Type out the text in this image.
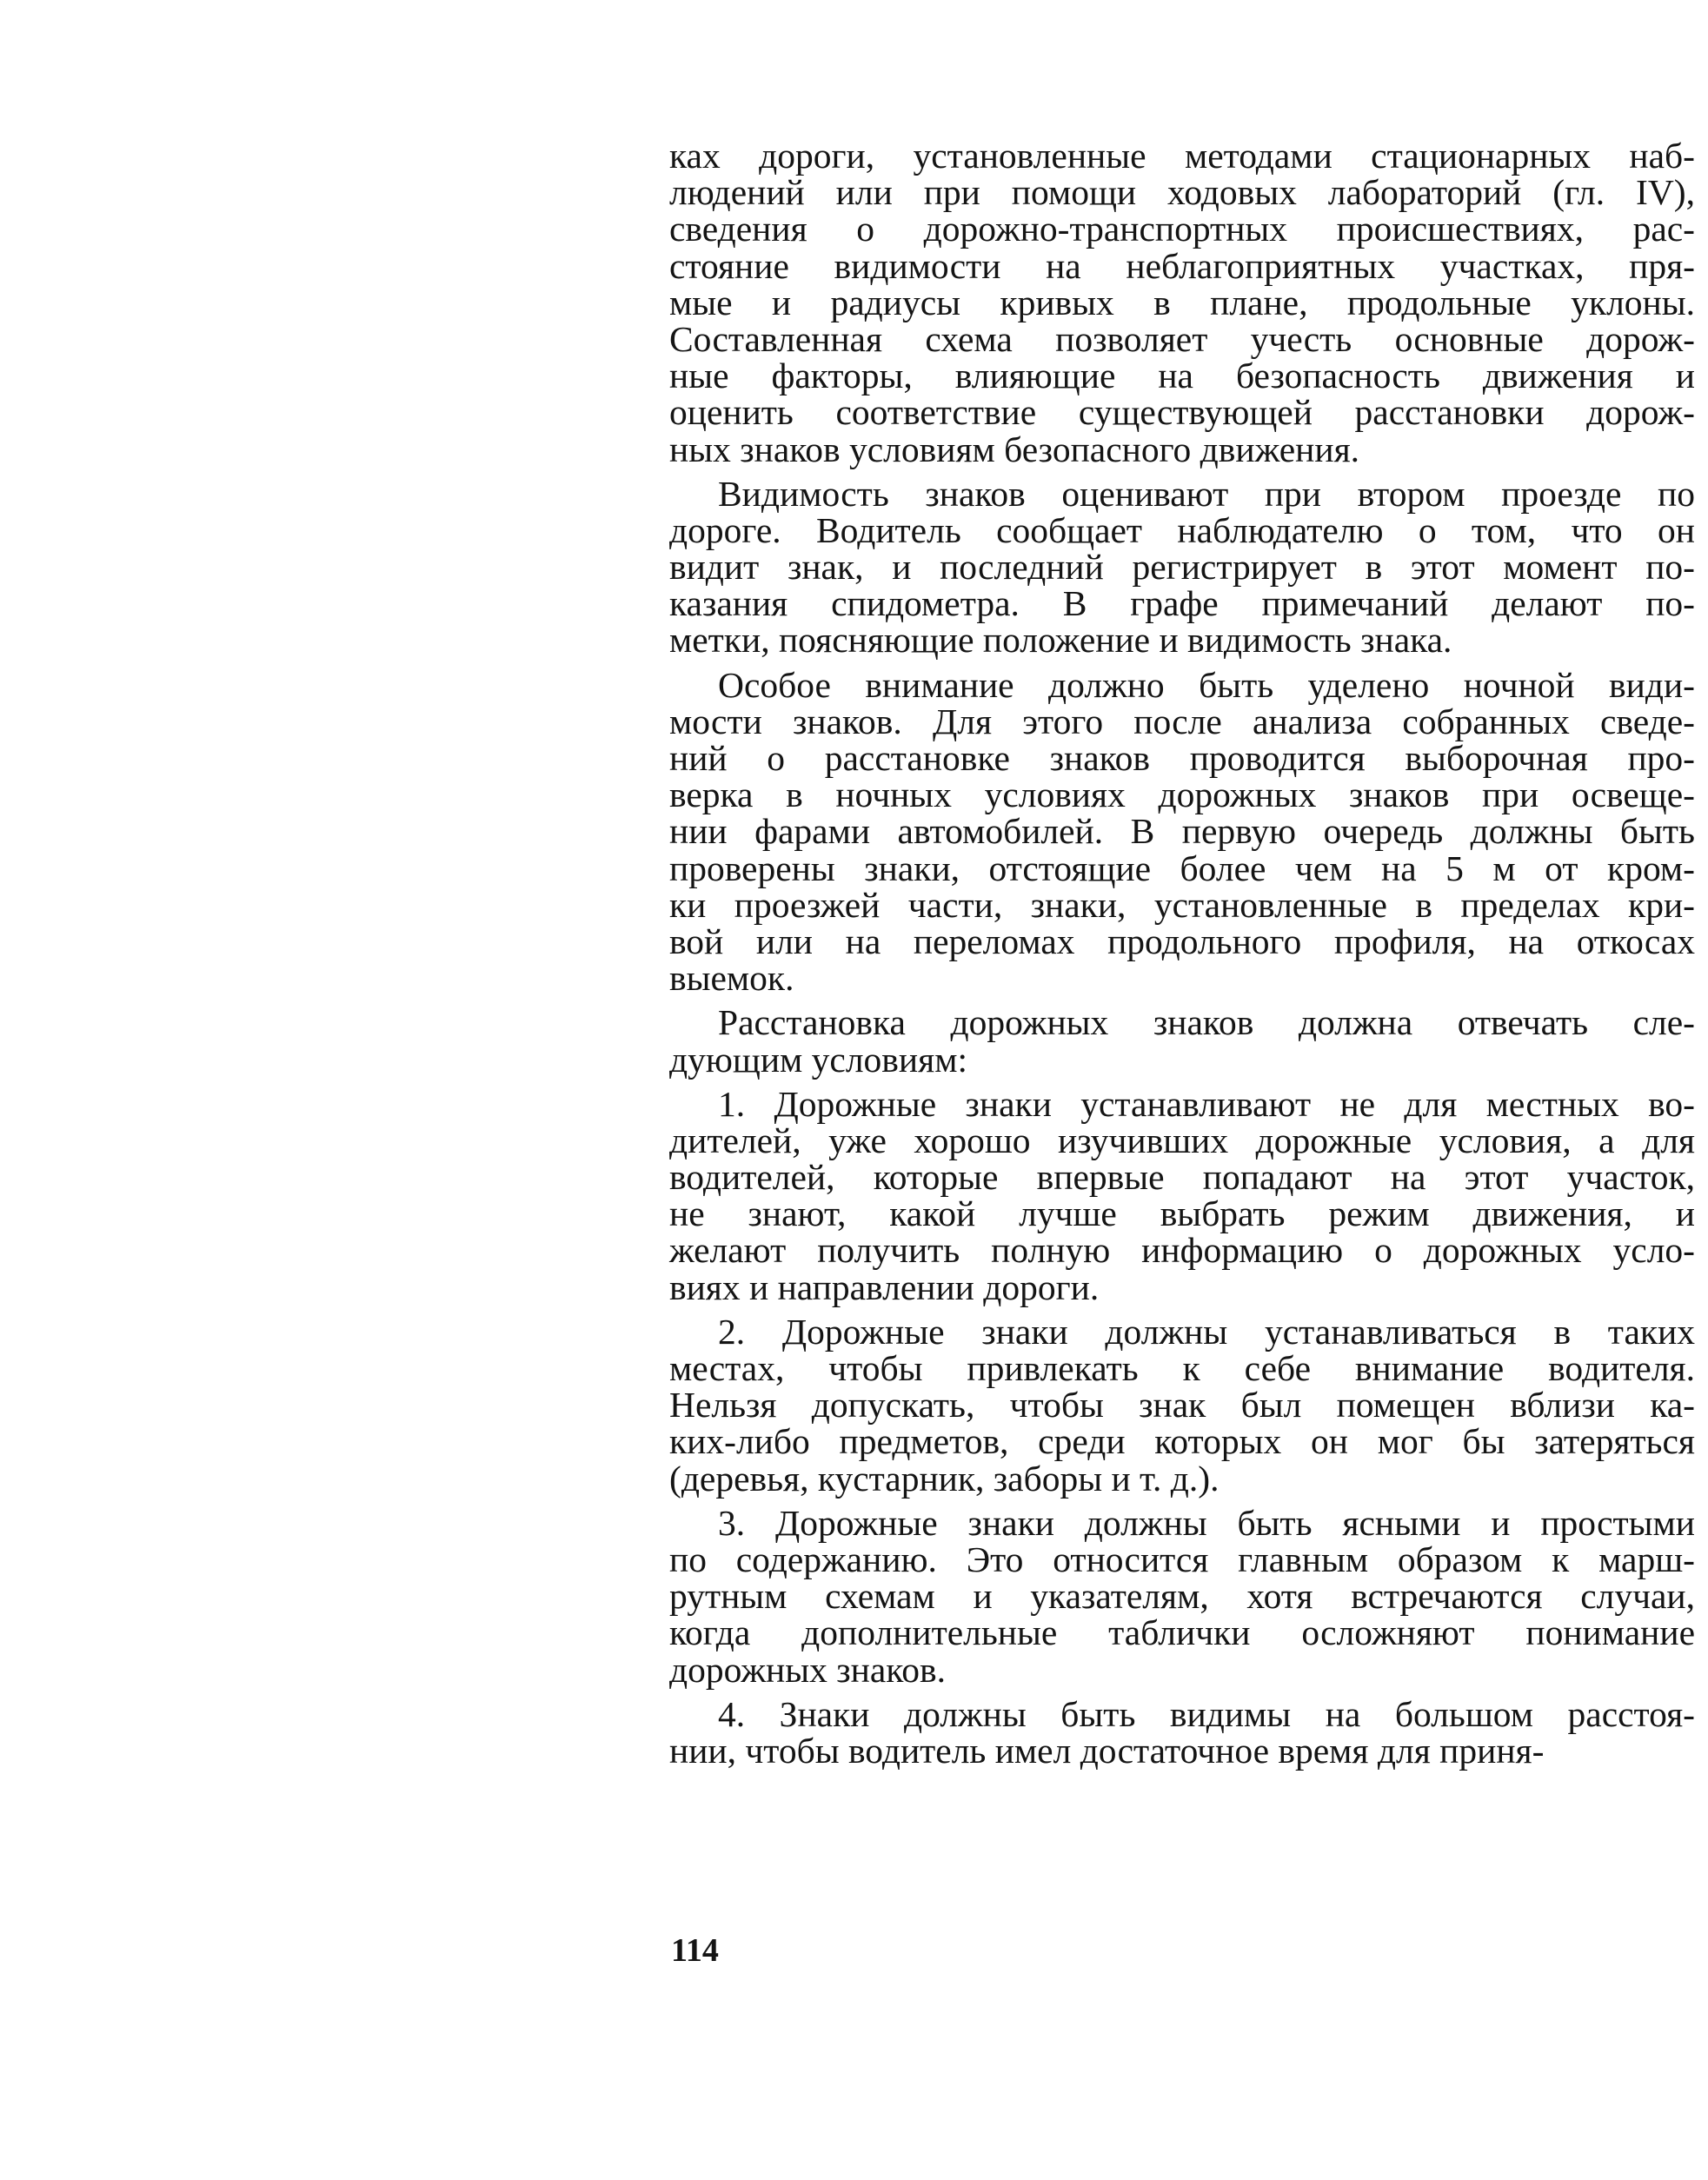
ках дороги, установленные методами стационарных наб-
людений или при помощи ходовых лабораторий (гл. IV),
сведения о дорожно-транспортных происшествиях, рас-
стояние видимости на неблагоприятных участках, пря-
мые и радиусы кривых в плане, продольные уклоны.
Составленная схема позволяет учесть основные дорож-
ные факторы, влияющие на безопасность движения и
оценить соответствие существующей расстановки дорож-
ных знаков условиям безопасного движения.
Видимость знаков оценивают при втором проезде по
дороге. Водитель сообщает наблюдателю о том, что он
видит знак, и последний регистрирует в этот момент по-
казания спидометра. В графе примечаний делают по-
метки, поясняющие положение и видимость знака.
Особое внимание должно быть уделено ночной види-
мости знаков. Для этого после анализа собранных сведе-
ний о расстановке знаков проводится выборочная про-
верка в ночных условиях дорожных знаков при освеще-
нии фарами автомобилей. В первую очередь должны быть
проверены знаки, отстоящие более чем на 5 м от кром-
ки проезжей части, знаки, установленные в пределах кри-
вой или на переломах продольного профиля, на откосах
выемок.
Расстановка дорожных знаков должна отвечать сле-
дующим условиям:
1. Дорожные знаки устанавливают не для местных во-
дителей, уже хорошо изучивших дорожные условия, а для
водителей, которые впервые попадают на этот участок,
не знают, какой лучше выбрать режим движения, и
желают получить полную информацию о дорожных усло-
виях и направлении дороги.
2. Дорожные знаки должны устанавливаться в таких
местах, чтобы привлекать к себе внимание водителя.
Нельзя допускать, чтобы знак был помещен вблизи ка-
ких-либо предметов, среди которых он мог бы затеряться
(деревья, кустарник, заборы и т. д.).
3. Дорожные знаки должны быть ясными и простыми
по содержанию. Это относится главным образом к марш-
рутным схемам и указателям, хотя встречаются случаи,
когда дополнительные таблички осложняют понимание
дорожных знаков.
4. Знаки должны быть видимы на большом расстоя-
нии, чтобы водитель имел достаточное время для приня-
114
